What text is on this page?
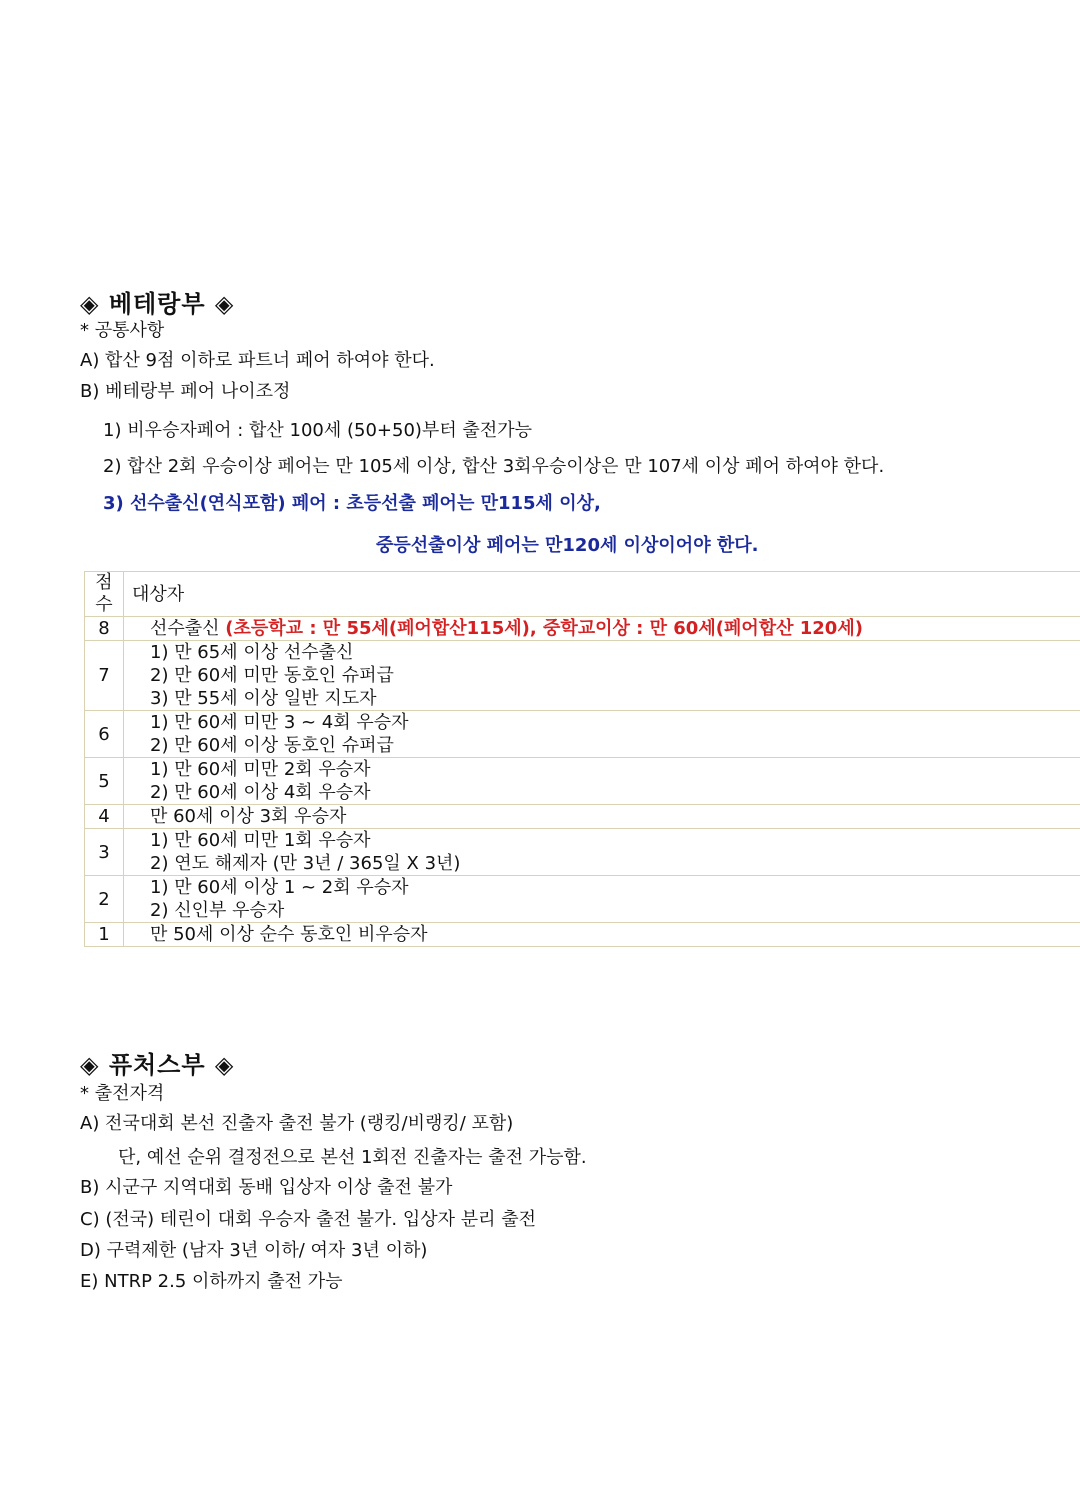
◈ 베테랑부 ◈
* 공통사항
A) 합산 9점 이하로 파트너 페어 하여야 한다.
B) 베테랑부 페어 나이조정
1) 비우승자페어 : 합산 100세 (50+50)부터 출전가능
2) 합산 2회 우승이상 페어는 만 105세 이상, 합산 3회우승이상은 만 107세 이상 페어 하여야 한다.
3) 선수출신(연식포함) 페어 : 초등선출 페어는 만115세 이상,
중등선출이상 페어는 만120세 이상이어야 한다.
점
수	대상자
8	선수출신 (초등학교 : 만 55세(페어합산115세), 중학교이상 : 만 60세(페어합산 120세)
7	1) 만 65세 이상 선수출신
2) 만 60세 미만 동호인 슈퍼급
3) 만 55세 이상 일반 지도자

6	1) 만 60세 미만 3 ~ 4회 우승자
2) 만 60세 이상 동호인 슈퍼급

5	1) 만 60세 미만 2회 우승자
2) 만 60세 이상 4회 우승자

4	만 60세 이상 3회 우승자

3	1) 만 60세 미만 1회 우승자
2) 연도 해제자 (만 3년 / 365일 X 3년)

2	1) 만 60세 이상 1 ~ 2회 우승자
2) 신인부 우승자

1	만 50세 이상 순수 동호인 비우승자
◈ 퓨처스부 ◈
* 출전자격
A) 전국대회 본선 진출자 출전 불가 (랭킹/비랭킹/ 포함)
단, 예선 순위 결정전으로 본선 1회전 진출자는 출전 가능함.
B) 시군구 지역대회 동배 입상자 이상 출전 불가
C) (전국) 테린이 대회 우승자 출전 불가. 입상자 분리 출전
D) 구력제한 (남자 3년 이하/ 여자 3년 이하)
E) NTRP 2.5 이하까지 출전 가능
